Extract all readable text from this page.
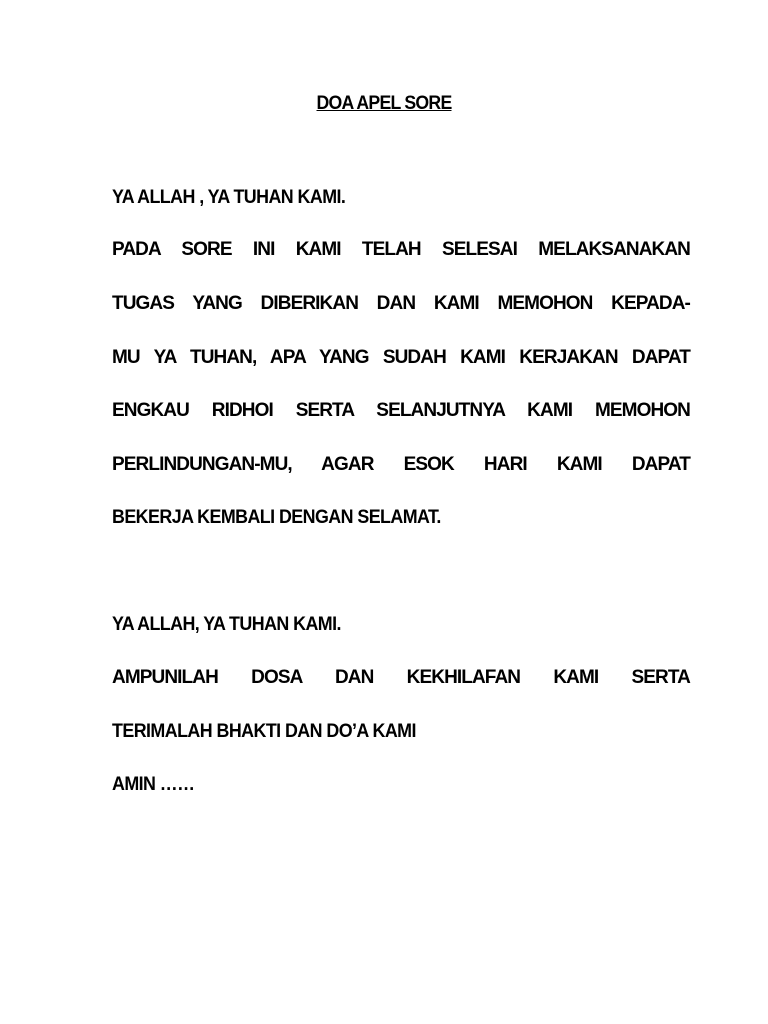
DOA APEL SORE
YA ALLAH , YA TUHAN KAMI.
PADA SORE INI KAMI TELAH SELESAI MELAKSANAKAN
TUGAS YANG DIBERIKAN DAN KAMI MEMOHON KEPADA-
MU YA TUHAN, APA YANG SUDAH KAMI KERJAKAN DAPAT
ENGKAU RIDHOI SERTA SELANJUTNYA KAMI MEMOHON
PERLINDUNGAN-MU, AGAR ESOK HARI KAMI DAPAT
BEKERJA KEMBALI DENGAN SELAMAT.
YA ALLAH, YA TUHAN KAMI.
AMPUNILAH DOSA DAN KEKHILAFAN KAMI SERTA
TERIMALAH BHAKTI DAN DO’A KAMI
AMIN ……
